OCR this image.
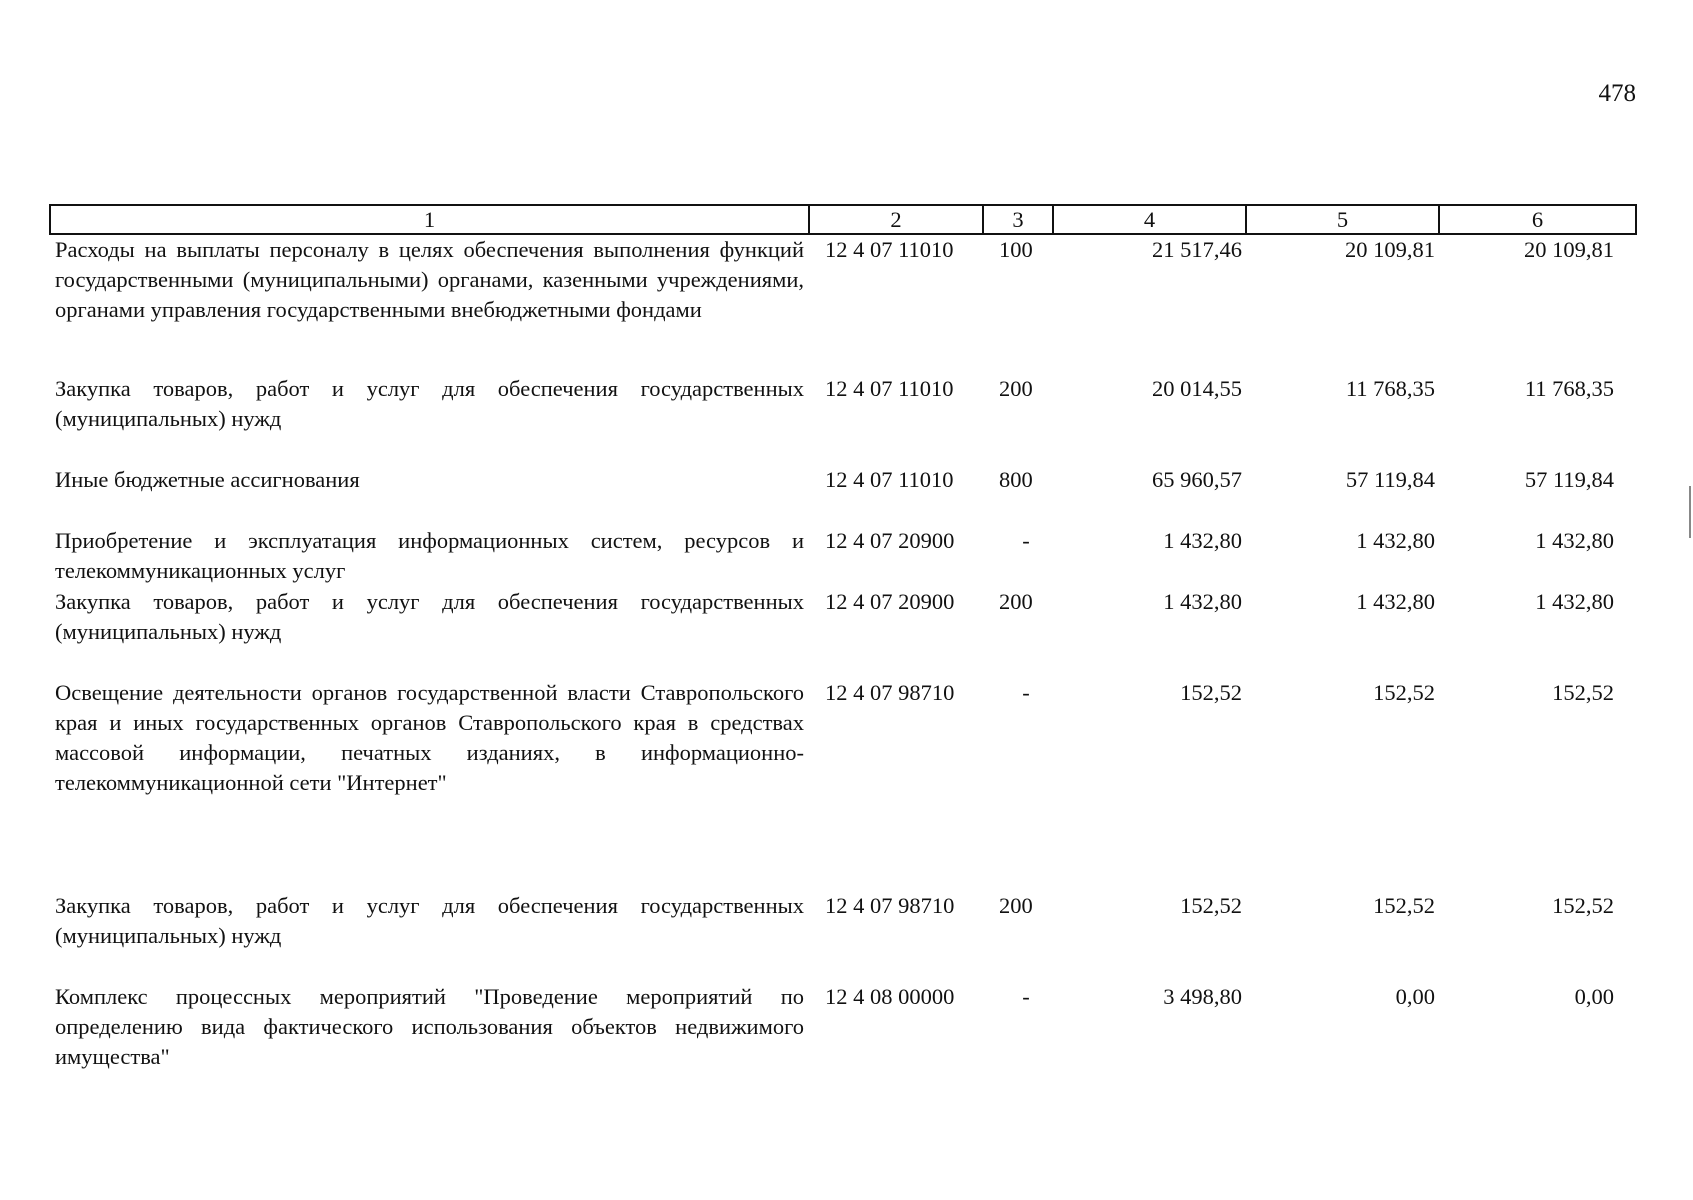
478
1	2	3	4	5	6
Расходы на выплаты персоналу в целях обеспечения выполнения функций государственными (муниципальными) органами, казенными учреждениями, органами управления государственными внебюджетными фондами	12 4 07 11010	100	21 517,46	20 109,81	20 109,81
Закупка товаров, работ и услуг для обеспечения государственных (муниципальных) нужд	12 4 07 11010	200	20 014,55	11 768,35	11 768,35
Иные бюджетные ассигнования	12 4 07 11010	800	65 960,57	57 119,84	57 119,84
Приобретение и эксплуатация информационных систем, ресурсов и телекоммуникационных услуг	12 4 07 20900	-	1 432,80	1 432,80	1 432,80
Закупка товаров, работ и услуг для обеспечения государственных (муниципальных) нужд	12 4 07 20900	200	1 432,80	1 432,80	1 432,80
Освещение деятельности органов государственной власти Ставропольского края и иных государственных органов Ставропольского края в средствах массовой информации, печатных изданиях, в информационно-телекоммуникационной сети "Интернет"	12 4 07 98710	-	152,52	152,52	152,52
Закупка товаров, работ и услуг для обеспечения государственных (муниципальных) нужд	12 4 07 98710	200	152,52	152,52	152,52
Комплекс процессных мероприятий "Проведение мероприятий по определению вида фактического использования объектов недвижимого имущества"	12 4 08 00000	-	3 498,80	0,00	0,00
